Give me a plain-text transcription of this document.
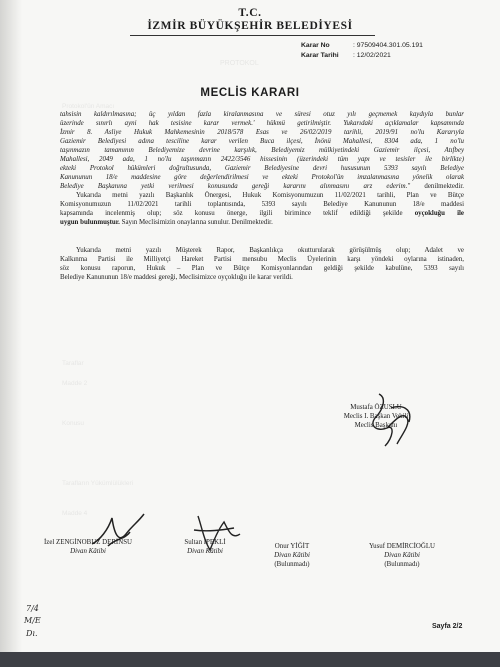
PROTOKOL
Protokol'ün Amacı
Taraflar
Madde 2
Konusu
Tarafların Yükümlülükleri
Madde 4
T.C.
İZMİR BÜYÜKŞEHİR BELEDİYESİ
Karar No	: 97509404.301.05.191
Karar Tarihi : 12/02/2021
MECLİS KARARI
tahsisin kaldırılmasına; üç yıldan fazla kiralanmasına ve süresi otuz yılı geçmemek kaydıyla bunlar
üzerinde sınırlı ayni hak tesisine karar vermek.' hükmü getirilmiştir. Yukarıdaki açıklamalar kapsamında
İzmir 8. Asliye Hukuk Mahkemesinin 2018/578 Esas ve 26/02/2019 tarihli, 2019/91 no'lu Kararıyla
Gaziemir Belediyesi adına tesciline karar verilen Buca ilçesi, İnönü Mahallesi, 8304 ada, 1 no'lu
taşınmazın tamamının Belediyemize devrine karşılık, Belediyemiz mülkiyetindeki Gaziemir ilçesi, Atıfbey
Mahallesi, 2049 ada, 1 no'lu taşınmazın 2422/3546 hissesinin (üzerindeki tüm yapı ve tesisler ile birlikte)
ekteki Protokol hükümleri doğrultusunda, Gaziemir Belediyesine devri hususunun 5393 sayılı Belediye
Kanununun 18/e maddesine göre değerlendirilmesi ve ekteki Protokol'ün imzalanmasına yönelik olarak
Belediye Başkanına yetki verilmesi konusunda gereği kararını alınmasını arz ederim." denilmektedir.
Yukarıda metni yazılı Başkanlık Önergesi, Hukuk Komisyonumuzun 11/02/2021 tarihli, Plan ve Bütçe
Komisyonumuzun 11/02/2021 tarihli toplantısında, 5393 sayılı Belediye Kanununun 18/e maddesi
kapsamında incelenmiş olup; söz konusu önerge, ilgili birimince teklif edildiği şekilde oyçokluğu ile
uygun bulunmuştur. Sayın Meclisimizin onaylarına sunulur. Denilmektedir.
Yukarıda metni yazılı Müşterek Rapor, Başkanlıkça okutturularak görüşülmüş olup; Adalet ve
Kalkınma Partisi ile Milliyetçi Hareket Partisi mensubu Meclis Üyelerinin karşı yöndeki oylarına istinaden,
söz konusu raporun, Hukuk – Plan ve Bütçe Komisyonlarından geldiği şekilde kabulüne, 5393 sayılı
Belediye Kanununun 18/e maddesi gereği, Meclisimizce oyçokluğu ile karar verildi.
Mustafa ÖZUSLU
Meclis I. Başkan Vekili
Meclis Başkanı
İzel ZENGİNOBUZ DERİNSU
Divan Kâtibi
Sultan İPEKLİ
Divan Kâtibi
Onur YİĞİT
Divan Kâtibi
(Bulunmadı)
Yusuf DEMİRCİOĞLU
Divan Kâtibi
(Bulunmadı)
7/4
M/E
Dı.
Sayfa 2/2
